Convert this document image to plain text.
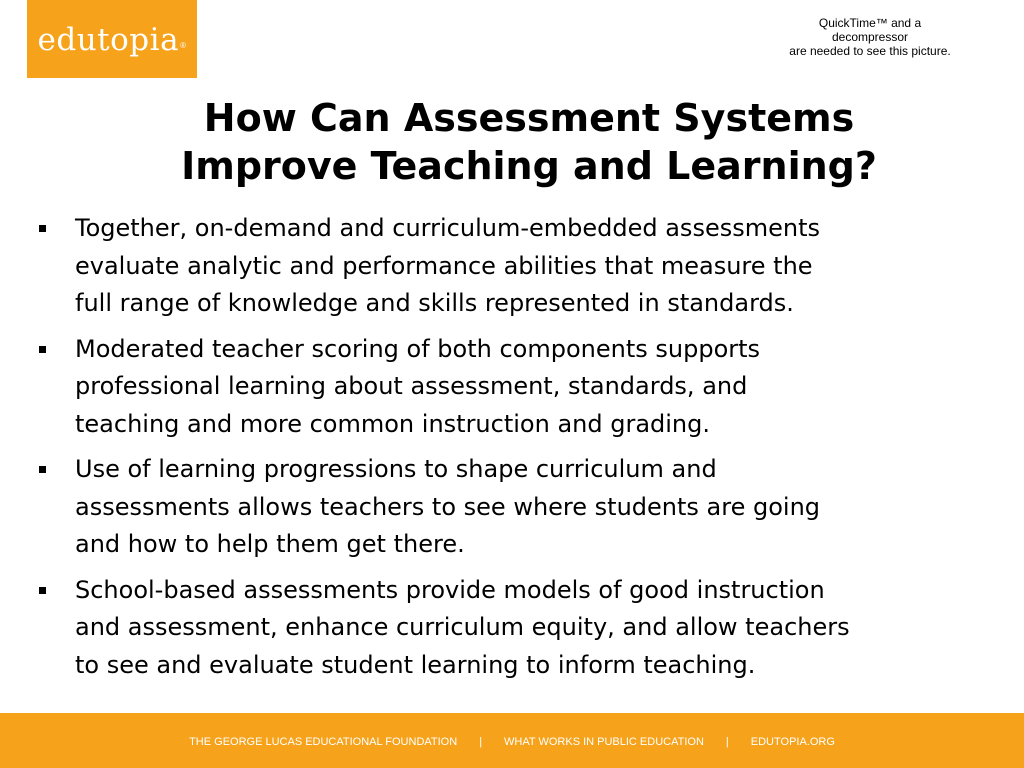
edutopia®
QuickTime™ and a
decompressor
are needed to see this picture.
How Can Assessment Systems
Improve Teaching and Learning?
Together, on-demand and curriculum-embedded assessments
evaluate analytic and performance abilities that measure the
full range of knowledge and skills represented in standards.
Moderated teacher scoring of both components supports
professional learning about assessment, standards, and
teaching and more common instruction and grading.
Use of learning progressions to shape curriculum and
assessments allows teachers to see where students are going
and how to help them get there.
School-based assessments provide models of good instruction
and assessment, enhance curriculum equity, and allow teachers
to see and evaluate student learning to inform teaching.
THE GEORGE LUCAS EDUCATIONAL FOUNDATION | WHAT WORKS IN PUBLIC EDUCATION | EDUTOPIA.ORG
